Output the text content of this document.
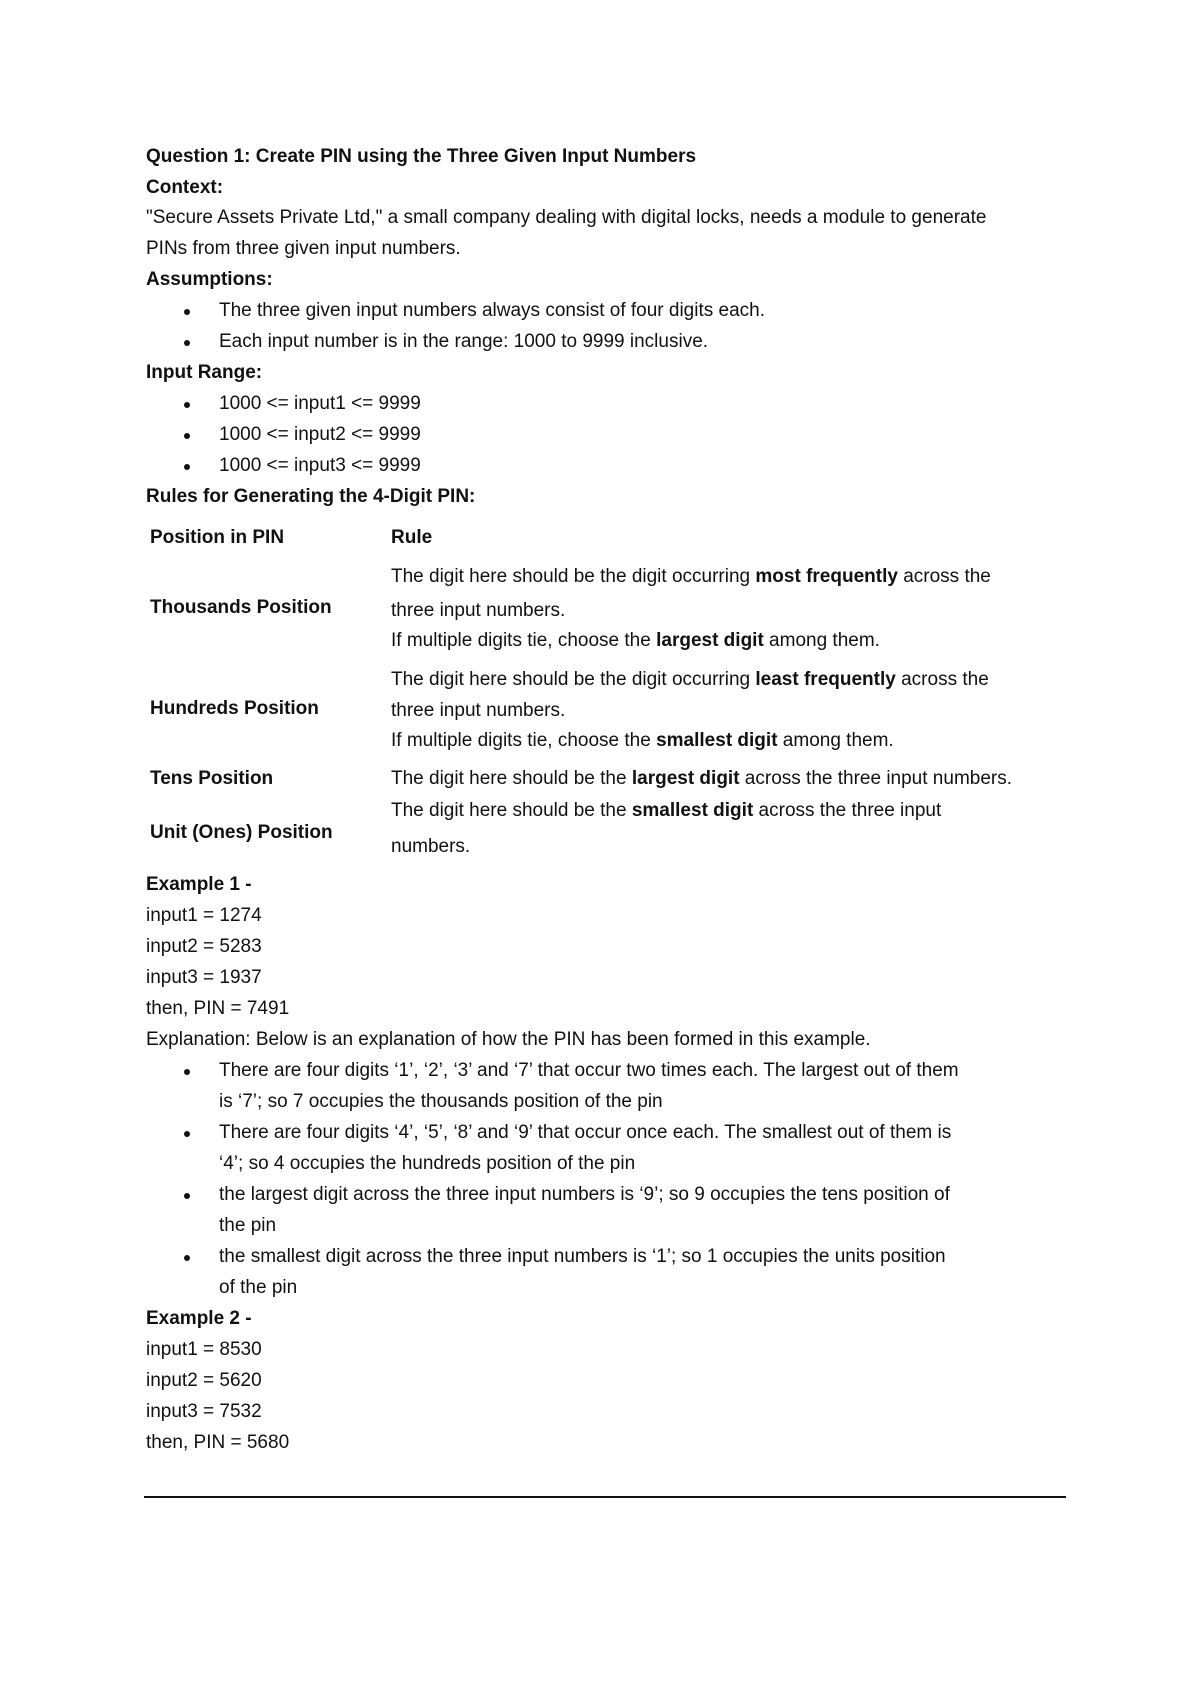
Question 1: Create PIN using the Three Given Input Numbers
Context:
"Secure Assets Private Ltd," a small company dealing with digital locks, needs a module to generate
PINs from three given input numbers.
Assumptions:
The three given input numbers always consist of four digits each.
Each input number is in the range: 1000 to 9999 inclusive.
Input Range:
1000 <= input1 <= 9999
1000 <= input2 <= 9999
1000 <= input3 <= 9999
Rules for Generating the 4-Digit PIN:
Position in PIN	Rule
Thousands Position
The digit here should be the digit occurring most frequently across the
three input numbers.
If multiple digits tie, choose the largest digit among them.
Hundreds Position
The digit here should be the digit occurring least frequently across the
three input numbers.
If multiple digits tie, choose the smallest digit among them.
Tens Position	The digit here should be the largest digit across the three input numbers.
Unit (Ones) Position
The digit here should be the smallest digit across the three input
numbers.
Example 1 -
input1 = 1274
input2 = 5283
input3 = 1937
then, PIN = 7491
Explanation: Below is an explanation of how the PIN has been formed in this example.
There are four digits ‘1’, ‘2’, ‘3’ and ‘7’ that occur two times each. The largest out of them
is ‘7’; so 7 occupies the thousands position of the pin
There are four digits ‘4’, ‘5’, ‘8’ and ‘9’ that occur once each. The smallest out of them is
‘4’; so 4 occupies the hundreds position of the pin
the largest digit across the three input numbers is ‘9’; so 9 occupies the tens position of
the pin
the smallest digit across the three input numbers is ‘1’; so 1 occupies the units position
of the pin
Example 2 -
input1 = 8530
input2 = 5620
input3 = 7532
then, PIN = 5680
